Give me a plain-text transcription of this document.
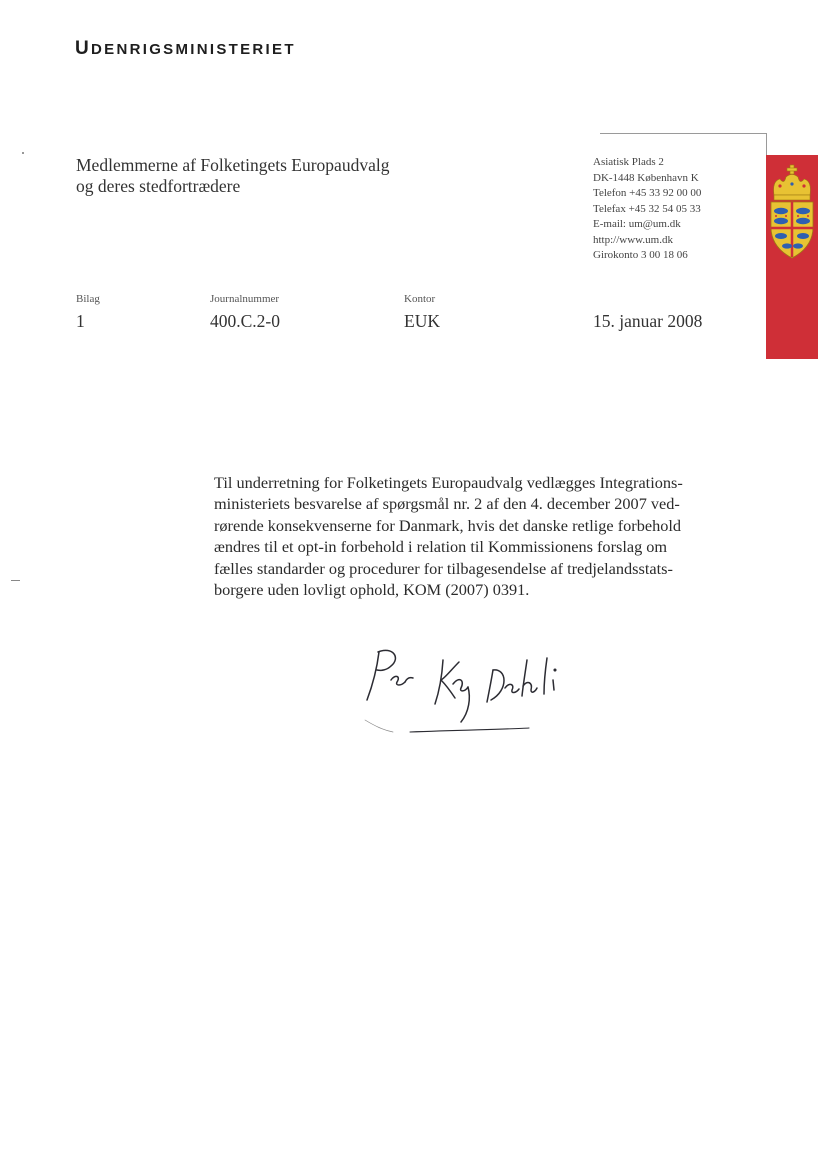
UDENRIGSMINISTERIET
Medlemmerne af Folketingets Europaudvalg
og deres stedfortrædere
Asiatisk Plads 2
DK-1448 København K
Telefon +45 33 92 00 00
Telefax +45 32 54 05 33
E-mail: um@um.dk
http://www.um.dk
Girokonto 3 00 18 06
Bilag
1
Journalnummer
400.C.2-0
Kontor
EUK	15. januar 2008
Til underretning for Folketingets Europaudvalg vedlægges Integrations-
ministeriets besvarelse af spørgsmål nr. 2 af den 4. december 2007 ved-
rørende konsekvenserne for Danmark, hvis det danske retlige forbehold
ændres til et opt-in forbehold i relation til Kommissionens forslag om
fælles standarder og procedurer for tilbagesendelse af tredjelandsstats-
borgere uden lovligt ophold, KOM (2007) 0391.
